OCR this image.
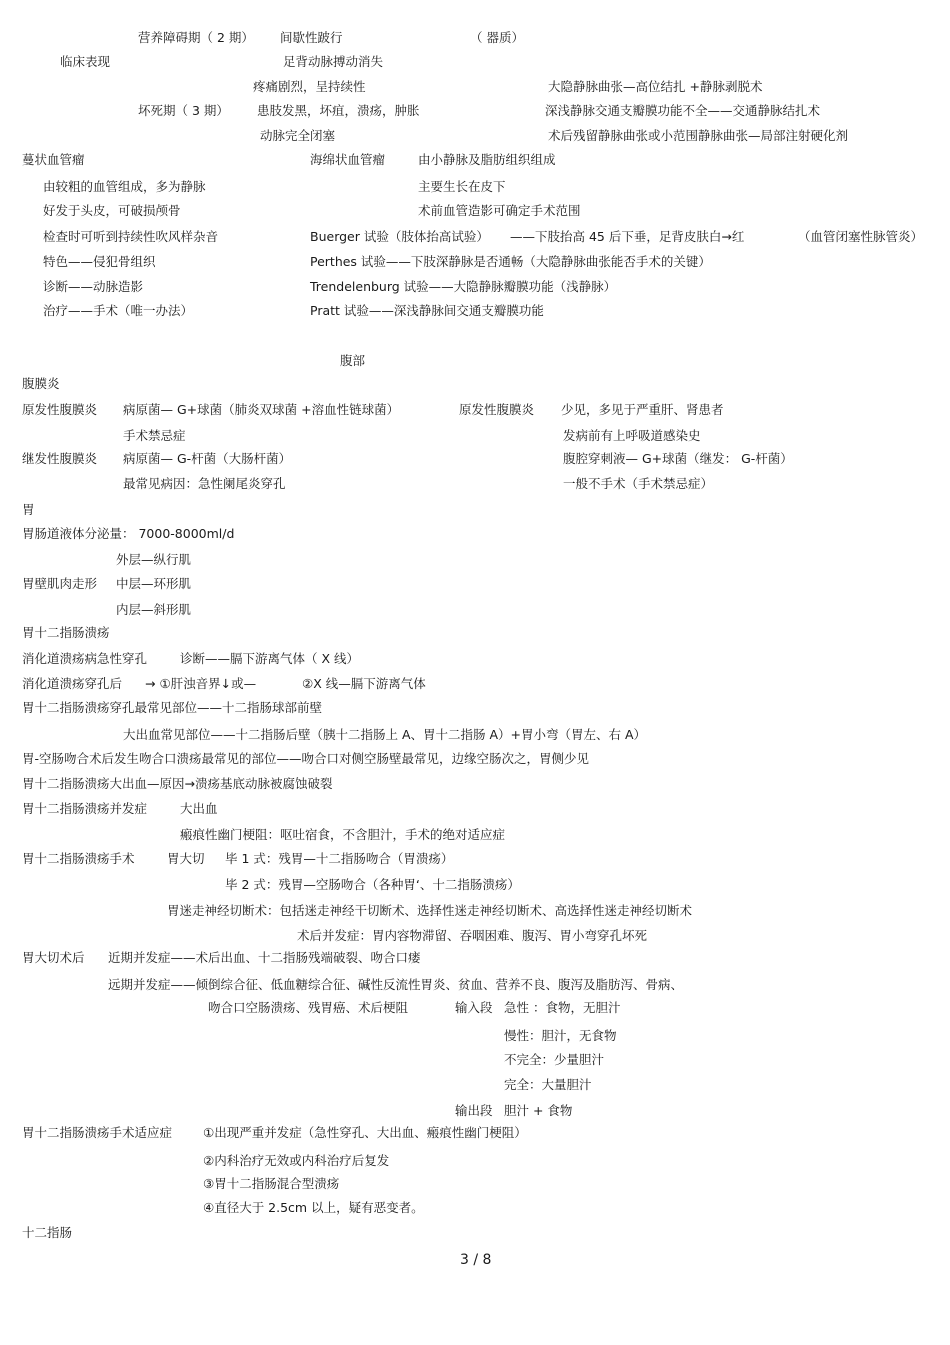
营养障碍期（ 2 期） 间歇性跛行	（ 器质）
临床表现	足背动脉搏动消失
疼痛剧烈，呈持续性	大隐静脉曲张—高位结扎 +静脉剥脱术
坏死期（ 3 期） 患肢发黑，坏疽，溃疡，肿胀	深浅静脉交通支瓣膜功能不全——交通静脉结扎术
动脉完全闭塞	术后残留静脉曲张或小范围静脉曲张—局部注射硬化剂
蔓状血管瘤	海绵状血管瘤	由小静脉及脂肪组织组成
由较粗的血管组成，多为静脉	主要生长在皮下
好发于头皮，可破损颅骨	术前血管造影可确定手术范围
检查时可听到持续性吹风样杂音	Buerger 试验（肢体抬高试验） ——下肢抬高 45 后下垂，足背皮肤白→红	（血管闭塞性脉管炎）
特色——侵犯骨组织	Perthes 试验——下肢深静脉是否通畅（大隐静脉曲张能否手术的关键）
诊断——动脉造影	Trendelenburg 试验——大隐静脉瓣膜功能（浅静脉）
治疗——手术（唯一办法）	Pratt 试验——深浅静脉间交通支瓣膜功能
腹部
腹膜炎
原发性腹膜炎 病原菌— G+球菌（肺炎双球菌 +溶血性链球菌）	原发性腹膜炎 少见，多见于严重肝、肾患者
手术禁忌症	发病前有上呼吸道感染史
继发性腹膜炎 病原菌— G-杆菌（大肠杆菌）	腹腔穿刺液— G+球菌（继发： G-杆菌）
最常见病因：急性阑尾炎穿孔	一般不手术（手术禁忌症）
胃
胃肠道液体分泌量： 7000-8000ml/d
外层—纵行肌
胃壁肌肉走形 中层—环形肌
内层—斜形肌
胃十二指肠溃疡
消化道溃疡病急性穿孔	诊断——膈下游离气体（ X 线）
消化道溃疡穿孔后 → ①肝浊音界↓或—	②X 线—膈下游离气体
胃十二指肠溃疡穿孔最常见部位——十二指肠球部前壁
大出血常见部位——十二指肠后壁（胰十二指肠上 A、胃十二指肠 A）+胃小弯（胃左、右 A）
胃-空肠吻合术后发生吻合口溃疡最常见的部位——吻合口对侧空肠壁最常见，边缘空肠次之，胃侧少见
胃十二指肠溃疡大出血—原因→溃疡基底动脉被腐蚀破裂
胃十二指肠溃疡并发症	大出血
瘢痕性幽门梗阻：呕吐宿食，不含胆汁，手术的绝对适应症
胃十二指肠溃疡手术	胃大切 毕 1 式：残胃—十二指肠吻合（胃溃疡）
毕 2 式：残胃—空肠吻合（各种胃‘、十二指肠溃疡）
胃迷走神经切断术：包括迷走神经干切断术、选择性迷走神经切断术、高选择性迷走神经切断术
术后并发症：胃内容物滞留、吞咽困难、腹泻、胃小弯穿孔坏死
胃大切术后 近期并发症——术后出血、十二指肠残端破裂、吻合口瘘
远期并发症——倾倒综合征、低血糖综合征、碱性反流性胃炎、贫血、营养不良、腹泻及脂肪泻、骨病、
吻合口空肠溃疡、残胃癌、术后梗阻	输入段 急性 ：食物，无胆汁
慢性：胆汁，无食物
不完全：少量胆汁
完全：大量胆汁
输出段 胆汁 + 食物
胃十二指肠溃疡手术适应症 ①出现严重并发症（急性穿孔、大出血、瘢痕性幽门梗阻）
②内科治疗无效或内科治疗后复发
③胃十二指肠混合型溃疡
④直径大于 2.5cm 以上，疑有恶变者。
十二指肠
3 / 8
